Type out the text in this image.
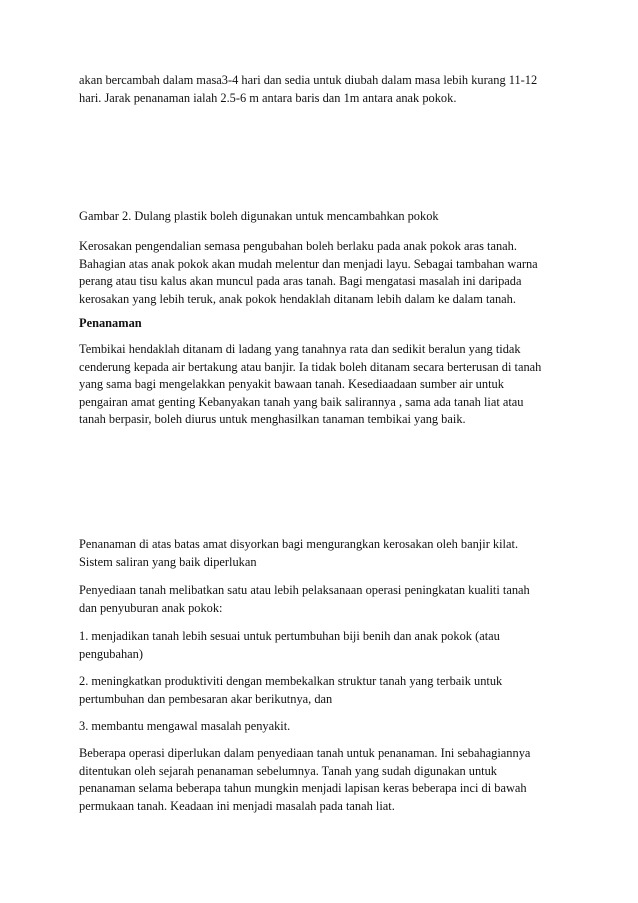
akan bercambah dalam masa3-4 hari dan sedia untuk diubah dalam masa lebih kurang 11-12
hari. Jarak penanaman ialah 2.5-6 m antara baris dan 1m antara anak pokok.

Gambar 2. Dulang plastik boleh digunakan untuk mencambahkan pokok

Kerosakan pengendalian semasa pengubahan boleh berlaku pada anak pokok aras tanah.
Bahagian atas anak pokok akan mudah melentur dan menjadi layu. Sebagai tambahan warna
perang atau tisu kalus akan muncul pada aras tanah. Bagi mengatasi masalah ini daripada
kerosakan yang lebih teruk, anak pokok hendaklah ditanam lebih dalam ke dalam tanah.

Penanaman

Tembikai hendaklah ditanam di ladang yang tanahnya rata dan sedikit beralun yang tidak
cenderung kepada air bertakung atau banjir. Ia tidak boleh ditanam secara berterusan di tanah
yang sama bagi mengelakkan penyakit bawaan tanah. Kesediaadaan sumber air untuk
pengairan amat genting Kebanyakan tanah yang baik salirannya , sama ada tanah liat atau
tanah berpasir, boleh diurus untuk menghasilkan tanaman tembikai yang baik.

Penanaman di atas batas amat disyorkan bagi mengurangkan kerosakan oleh banjir kilat.
Sistem saliran yang baik diperlukan

Penyediaan tanah melibatkan satu atau lebih pelaksanaan operasi peningkatan kualiti tanah
dan penyuburan anak pokok:

1. menjadikan tanah lebih sesuai untuk pertumbuhan biji benih dan anak pokok (atau
pengubahan)

2. meningkatkan produktiviti dengan membekalkan struktur tanah yang terbaik untuk
pertumbuhan dan pembesaran akar berikutnya, dan

3. membantu mengawal masalah penyakit.

Beberapa operasi diperlukan dalam penyediaan tanah untuk penanaman. Ini sebahagiannya
ditentukan oleh sejarah penanaman sebelumnya. Tanah yang sudah digunakan untuk
penanaman selama beberapa tahun mungkin menjadi lapisan keras beberapa inci di bawah
permukaan tanah. Keadaan ini menjadi masalah pada tanah liat.
